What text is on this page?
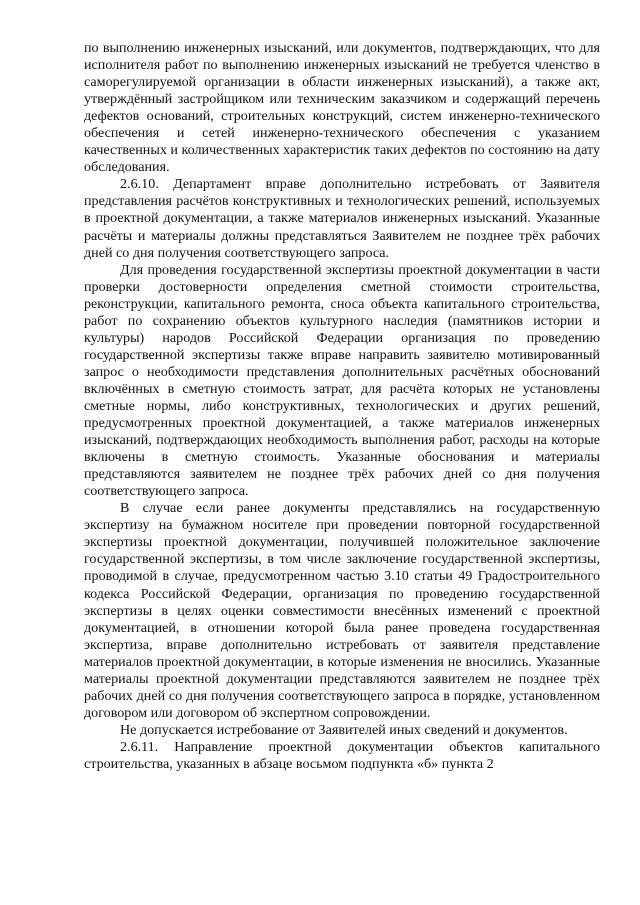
по выполнению инженерных изысканий, или документов, подтверждающих, что для исполнителя работ по выполнению инженерных изысканий не требуется членство в саморегулируемой организации в области инженерных изысканий), а также акт, утверждённый застройщиком или техническим заказчиком и содержащий перечень дефектов оснований, строительных конструкций, систем инженерно-технического обеспечения и сетей инженерно-технического обеспечения с указанием качественных и количественных характеристик таких дефектов по состоянию на дату обследования.

2.6.10. Департамент вправе дополнительно истребовать от Заявителя представления расчётов конструктивных и технологических решений, используемых в проектной документации, а также материалов инженерных изысканий. Указанные расчёты и материалы должны представляться Заявителем не позднее трёх рабочих дней со дня получения соответствующего запроса.

Для проведения государственной экспертизы проектной документации в части проверки достоверности определения сметной стоимости строительства, реконструкции, капитального ремонта, сноса объекта капитального строительства, работ по сохранению объектов культурного наследия (памятников истории и культуры) народов Российской Федерации организация по проведению государственной экспертизы также вправе направить заявителю мотивированный запрос о необходимости представления дополнительных расчётных обоснований включённых в сметную стоимость затрат, для расчёта которых не установлены сметные нормы, либо конструктивных, технологических и других решений, предусмотренных проектной документацией, а также материалов инженерных изысканий, подтверждающих необходимость выполнения работ, расходы на которые включены в сметную стоимость. Указанные обоснования и материалы представляются заявителем не позднее трёх рабочих дней со дня получения соответствующего запроса.

В случае если ранее документы представлялись на государственную экспертизу на бумажном носителе при проведении повторной государственной экспертизы проектной документации, получившей положительное заключение государственной экспертизы, в том числе заключение государственной экспертизы, проводимой в случае, предусмотренном частью 3.10 статьи 49 Градостроительного кодекса Российской Федерации, организация по проведению государственной экспертизы в целях оценки совместимости внесённых изменений с проектной документацией, в отношении которой была ранее проведена государственная экспертиза, вправе дополнительно истребовать от заявителя представление материалов проектной документации, в которые изменения не вносились. Указанные материалы проектной документации представляются заявителем не позднее трёх рабочих дней со дня получения соответствующего запроса в порядке, установленном договором или договором об экспертном сопровождении.

Не допускается истребование от Заявителей иных сведений и документов.

2.6.11. Направление проектной документации объектов капитального строительства, указанных в абзаце восьмом подпункта «б» пункта 2
